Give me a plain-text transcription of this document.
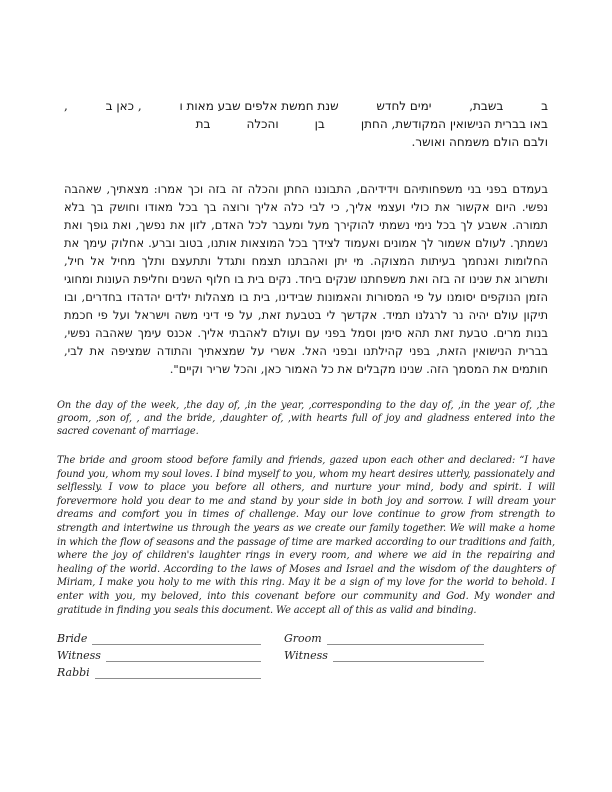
ב
בשבת,
ימים לחדש
שנת חמשת אלפים שבע מאות ו
, כאן ב
,
באו בברית הנישואין המקודשת, החתן
בן
והכלה
בת
ולבם הולם משמחה ואושר.
בעמדם בפני בני משפחותיהם וידידיהם, התבוננו החתן והכלה זה בזה וכך אמרו: מצאתיך, שאהבה נפשי. היום אקשור את כולי ועצמי אליך, כי לבי כלה אליך ורוצה בך בכל מאודו וחושק בך בלא תמורה. אשבע לך בכל נימי נשמתי להוקירך מעל ומעבר לכל האדם, לזון את נפשך, ואת גופך ואת נשמתך. לעולם אשמור לך אמונים ואעמוד לצידך בכל המוצאות אותנו, בטוב וברע. אחלוק עימך את החלומות ואנחמך בעיתות המצוקה. מי יתן ואהבתנו תצמח ותגדל ותתעצם ותלך מחיל אל חיל, ותשרוג את שנינו זה בזה ואת משפחתנו שנקים ביחד. נקים בית בו חלוף השנים וחליפת העונות ומחוגי הזמן הנוקפים יסומנו על פי המסורות והאמונות שבידינו, בית בו מצהלות ילדים יהדהדו בחדרים, ובו תיקון עולם יהיה נר לרגלנו תמיד. אקדשך לי בטבעת זאת, על פי דיני משה וישראל ועל פי חכמת בנות מרים. טבעת זאת תהא סימן וסמל בפני עם ועולם לאהבתי אליך. אכנס עימך שאהבה נפשי, בברית הנישואין הזאת, בפני קהילתנו ובפני האל. אשרי על שמצאתיך והתודה שמציפה את לבי, חותמים את המסמך הזה. שנינו מקבלים את כל האמור כאן, והכל שריר וקיים".
On the day of the week, ,the day of, ,in the year, ,corresponding to the day of, ,in the year of, ,the groom, ,son of, , and the bride, ,daughter of, ,with hearts full of joy and gladness entered into the sacred covenant of marriage.
The bride and groom stood before family and friends, gazed upon each other and declared: “I have found you, whom my soul loves. I bind myself to you, whom my heart desires utterly, passionately and selflessly. I vow to place you before all others, and nurture your mind, body and spirit. I will forevermore hold you dear to me and stand by your side in both joy and sorrow. I will dream your dreams and comfort you in times of challenge. May our love continue to grow from strength to strength and intertwine us through the years as we create our family together. We will make a home in which the flow of seasons and the passage of time are marked according to our traditions and faith, where the joy of children's laughter rings in every room, and where we aid in the repairing and healing of the world. According to the laws of Moses and Israel and the wisdom of the daughters of Miriam, I make you holy to me with this ring. May it be a sign of my love for the world to behold. I enter with you, my beloved, into this covenant before our community and God. My wonder and gratitude in finding you seals this document. We accept all of this as valid and binding.
Bride
Witness
Rabbi
Groom
Witness
